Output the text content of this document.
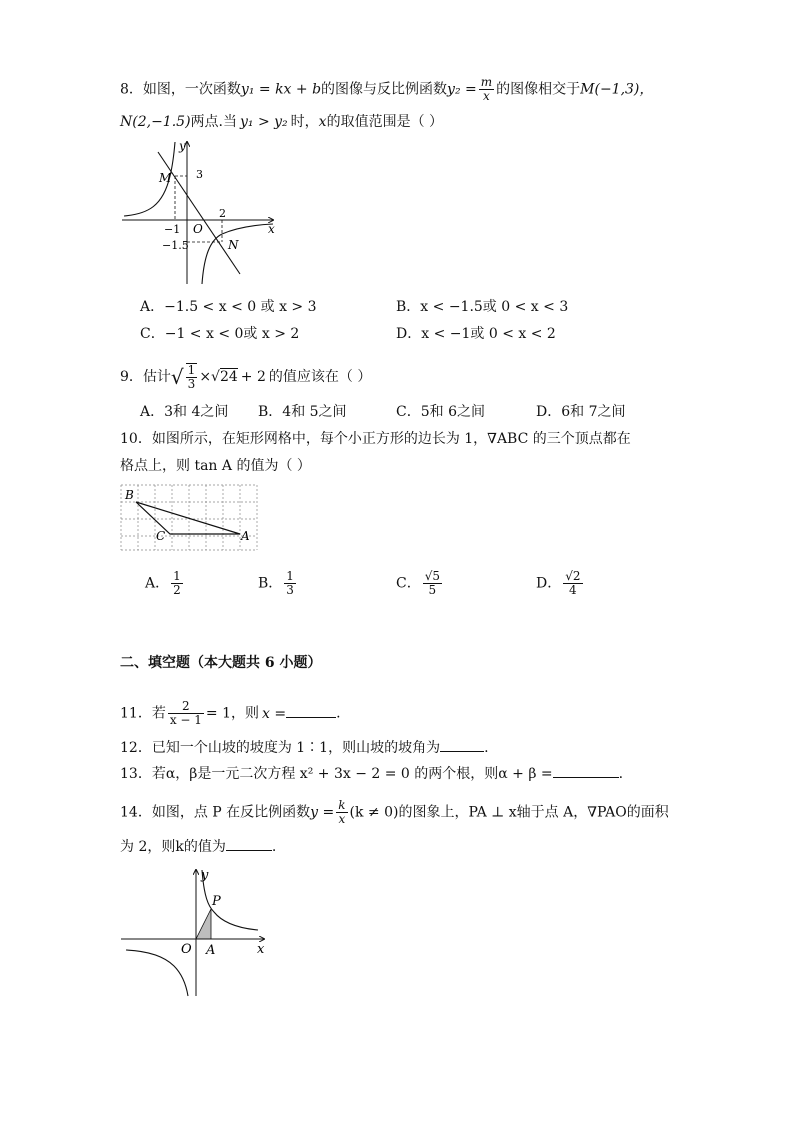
8．如图，一次函数y₁ = kx + b的图像与反比例函数$y_2 = \frac{m}{x}$ 的图像相交于M(−1,3)，
N(2,−1.5)两点.当 y₁ > y₂ 时，x的取值范围是（ ）
y
x
O
M
N
3
−1
2
−1.5
A．−1.5 < x < 0 或 x > 3	B．x < −1.5或 0 < x < 3
C．−1 < x < 0或 x > 2	D．x < −1或 0 < x < 2
9．估计√ $\frac{1}{3} \times√24 + 2$ 的值应该在（ ）
A．3和 4之间 B．4和 5之间	C．5和 6之间	D．6和 7之间
10．如图所示，在矩形网格中，每个小正方形的边长为 1，∇ABC 的三个顶点都在
格点上，则 tan A 的值为（ ）
B
C	A
A． $\frac{1}{2}$	B． $\frac{1}{3}$	C． $\frac{√5}{5}$	D． $\frac{√2}{4}$
二、填空题（本大题共 6 小题）
11．若 $\frac{2}{x - 1} = 1$，则 x =	.
12．已知一个山坡的坡度为 1∶1，则山坡的坡角为	.
13．若α，β是一元二次方程 x² + 3x − 2 = 0 的两个根，则α + β =	.
14．如图，点 P 在反比例函数$y = \frac{k}{x} (k \ne 0)$的图象上，PA ⊥ x轴于点 A，∇PAO的面积
为 2，则k的值为	.
y
x
O
P
A
